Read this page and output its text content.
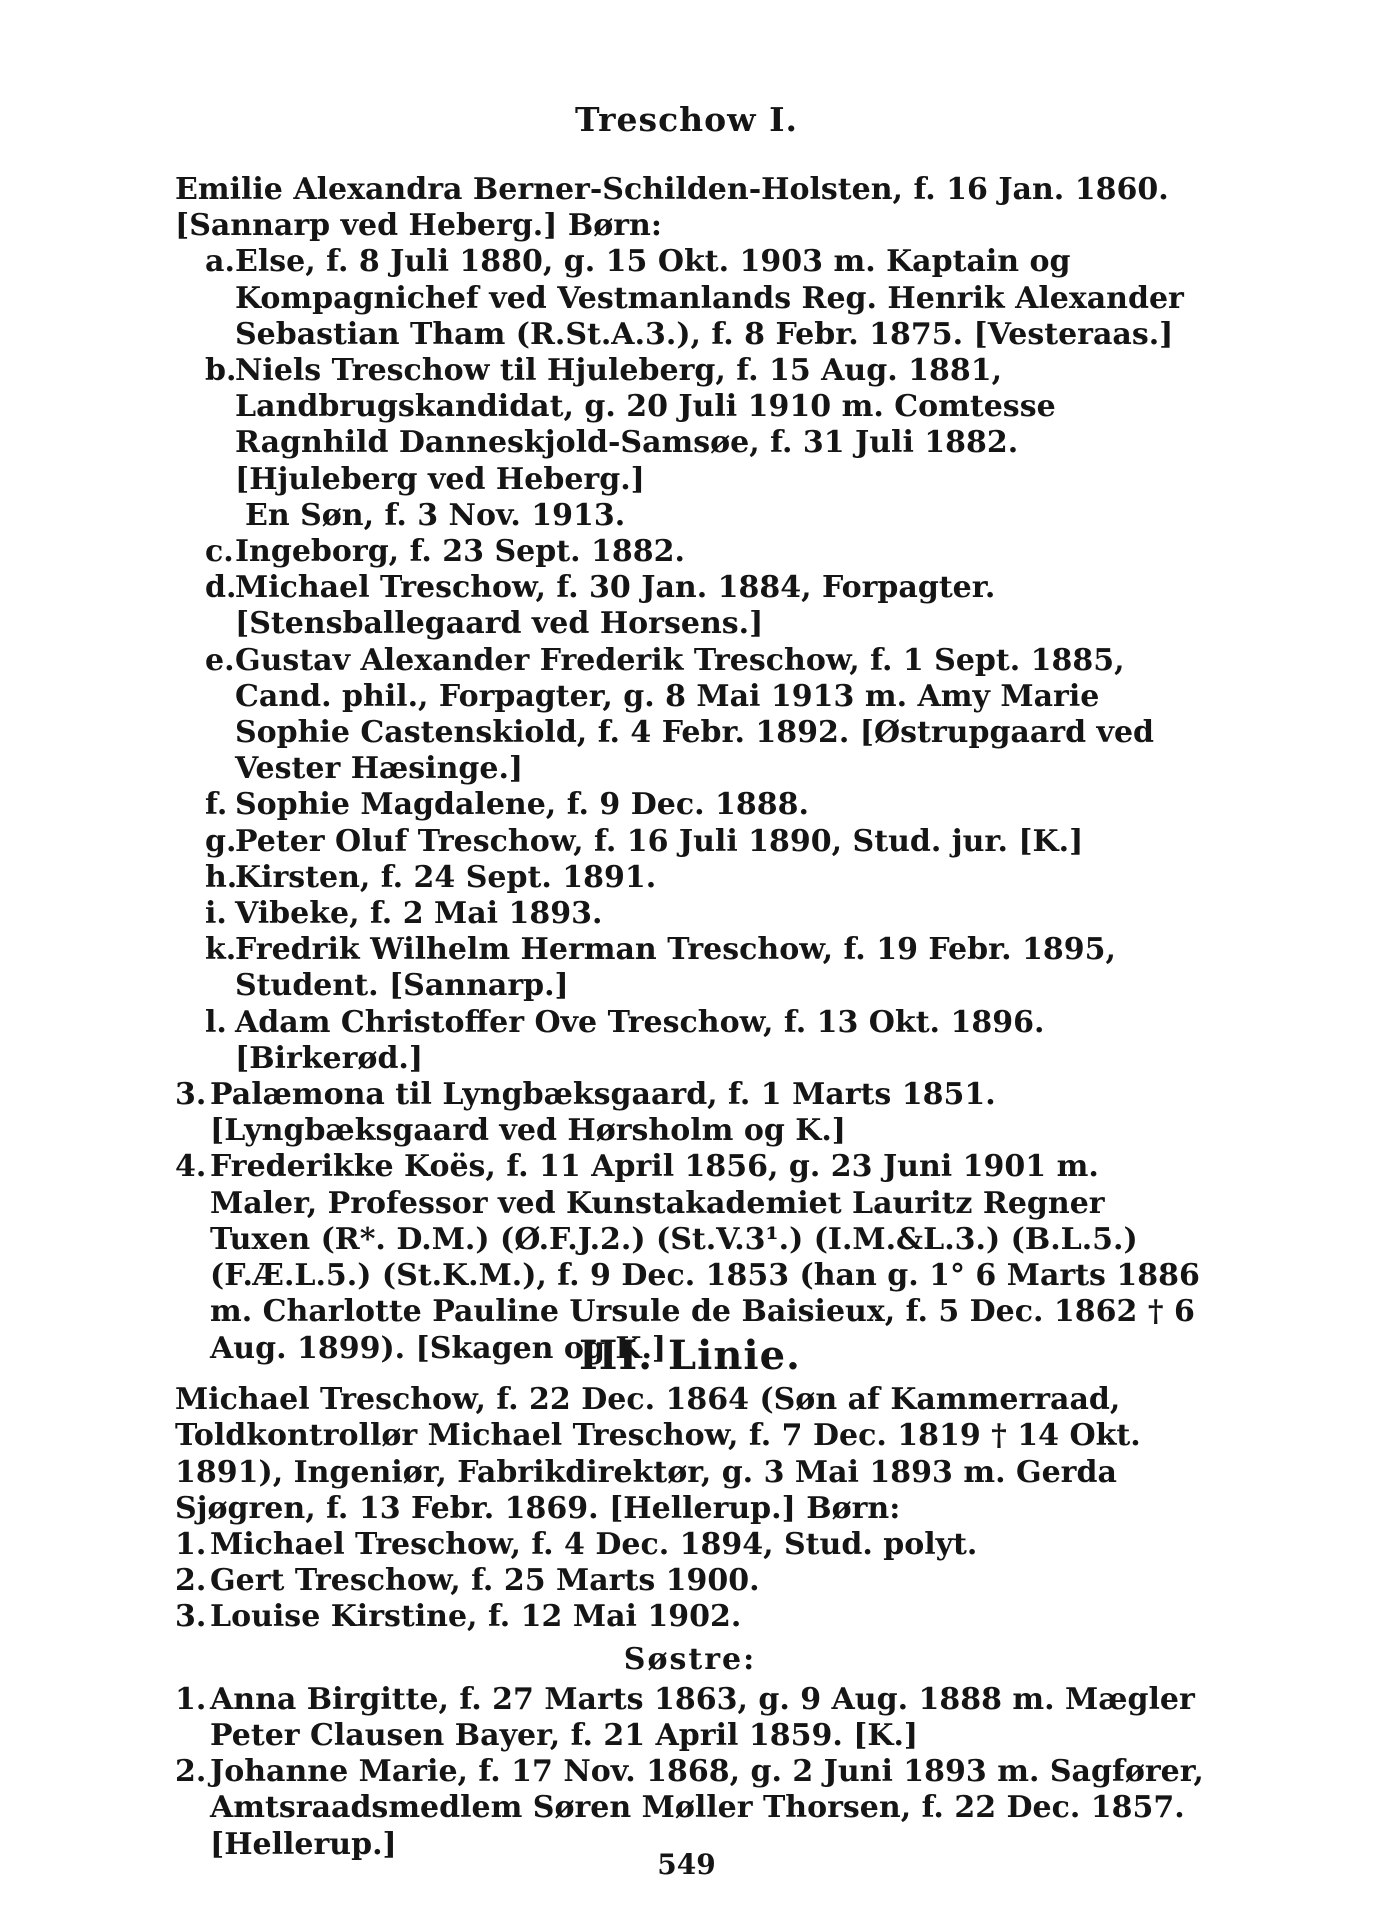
Treschow I.
Emilie Alexandra Berner-Schilden-Holsten, f. 16 Jan. 1860. [Sannarp ved Heberg.] Børn:
a.Else, f. 8 Juli 1880, g. 15 Okt. 1903 m. Kaptain og Kompagnichef ved Vestmanlands Reg. Henrik Alexander Sebastian Tham (R.St.A.3.), f. 8 Febr. 1875. [Vesteraas.]
b.Niels Treschow til Hjuleberg, f. 15 Aug. 1881, Landbrugskandidat, g. 20 Juli 1910 m. Comtesse Ragnhild Danneskjold-Samsøe, f. 31 Juli 1882. [Hjuleberg ved Heberg.]
En Søn, f. 3 Nov. 1913.
c.Ingeborg, f. 23 Sept. 1882.
d.Michael Treschow, f. 30 Jan. 1884, Forpagter. [Stensballegaard ved Horsens.]
e.Gustav Alexander Frederik Treschow, f. 1 Sept. 1885, Cand. phil., Forpagter, g. 8 Mai 1913 m. Amy Marie Sophie Castenskiold, f. 4 Febr. 1892. [Østrupgaard ved Vester Hæsinge.]
f. Sophie Magdalene, f. 9 Dec. 1888.
g.Peter Oluf Treschow, f. 16 Juli 1890, Stud. jur. [K.]
h.Kirsten, f. 24 Sept. 1891.
i. Vibeke, f. 2 Mai 1893.
k.Fredrik Wilhelm Herman Treschow, f. 19 Febr. 1895, Student. [Sannarp.]
l. Adam Christoffer Ove Treschow, f. 13 Okt. 1896. [Birkerød.]
3. Palæmona til Lyngbæksgaard, f. 1 Marts 1851. [Lyngbæksgaard ved Hørsholm og K.]
4. Frederikke Koës, f. 11 April 1856, g. 23 Juni 1901 m. Maler, Professor ved Kunstakademiet Lauritz Regner Tuxen (R*. D.M.) (Ø.F.J.2.) (St.V.3¹.) (I.M.&L.3.) (B.L.5.) (F.Æ.L.5.) (St.K.M.), f. 9 Dec. 1853 (han g. 1° 6 Marts 1886 m. Charlotte Pauline Ursule de Baisieux, f. 5 Dec. 1862 † 6 Aug. 1899). [Skagen og K.]
III. Linie.
Michael Treschow, f. 22 Dec. 1864 (Søn af Kammerraad, Toldkontrollør Michael Treschow, f. 7 Dec. 1819 † 14 Okt. 1891), Ingeniør, Fabrikdirektør, g. 3 Mai 1893 m. Gerda Sjøgren, f. 13 Febr. 1869. [Hellerup.] Børn:
1. Michael Treschow, f. 4 Dec. 1894, Stud. polyt.
2. Gert Treschow, f. 25 Marts 1900.
3. Louise Kirstine, f. 12 Mai 1902.
Søstre:
1. Anna Birgitte, f. 27 Marts 1863, g. 9 Aug. 1888 m. Mægler Peter Clausen Bayer, f. 21 April 1859. [K.]
2. Johanne Marie, f. 17 Nov. 1868, g. 2 Juni 1893 m. Sagfører, Amtsraadsmedlem Søren Møller Thorsen, f. 22 Dec. 1857. [Hellerup.]
549
